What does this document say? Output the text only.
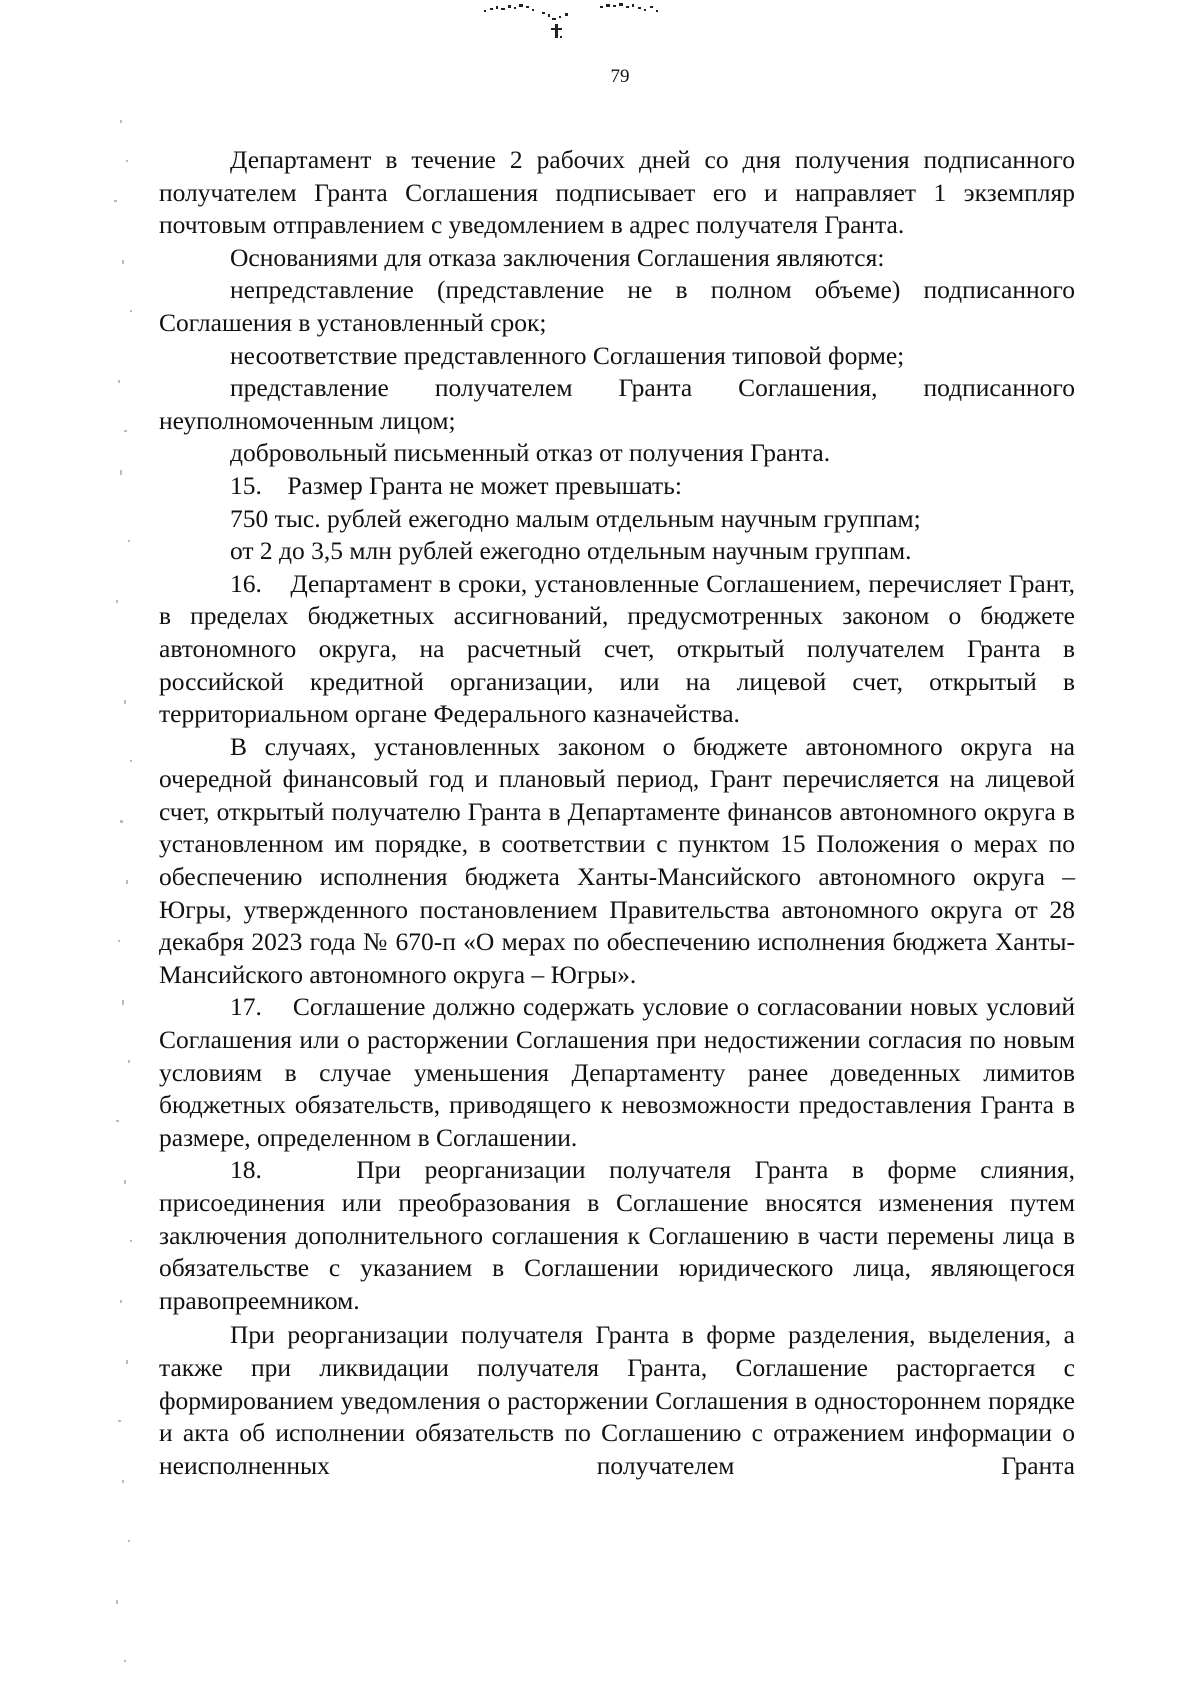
79

Департамент в течение 2 рабочих дней со дня получения подписанного получателем Гранта Соглашения подписывает его и направляет 1 экземпляр почтовым отправлением с уведомлением в адрес получателя Гранта.

Основаниями для отказа заключения Соглашения являются:

непредставление (представление не в полном объеме) подписанного Соглашения в установленный срок;

несоответствие представленного Соглашения типовой форме;

представление получателем Гранта Соглашения, подписанного неуполномоченным лицом;

добровольный письменный отказ от получения Гранта.

15.    Размер Гранта не может превышать:

750 тыс. рублей ежегодно малым отдельным научным группам;

от 2 до 3,5 млн рублей ежегодно отдельным научным группам.

16.    Департамент в сроки, установленные Соглашением, перечисляет Грант, в пределах бюджетных ассигнований, предусмотренных законом о бюджете автономного округа, на расчетный счет, открытый получателем Гранта в российской кредитной организации, или на лицевой счет, открытый в территориальном органе Федерального казначейства.

В случаях, установленных законом о бюджете автономного округа на очередной финансовый год и плановый период, Грант перечисляется на лицевой счет, открытый получателю Гранта в Департаменте финансов автономного округа в установленном им порядке, в соответствии с пунктом 15 Положения о мерах по обеспечению исполнения бюджета Ханты-Мансийского автономного округа – Югры, утвержденного постановлением Правительства автономного округа от 28 декабря 2023 года № 670-п «О мерах по обеспечению исполнения бюджета Ханты-Мансийского автономного округа – Югры».

17.    Соглашение должно содержать условие о согласовании новых условий Соглашения или о расторжении Соглашения при недостижении согласия по новым условиям в случае уменьшения Департаменту ранее доведенных лимитов бюджетных обязательств, приводящего к невозможности предоставления Гранта в размере, определенном в Соглашении.

18.    При реорганизации получателя Гранта в форме слияния, присоединения или преобразования в Соглашение вносятся изменения путем заключения дополнительного соглашения к Соглашению в части перемены лица в обязательстве с указанием в Соглашении юридического лица, являющегося правопреемником.

При реорганизации получателя Гранта в форме разделения, выделения, а также при ликвидации получателя Гранта, Соглашение расторгается с формированием уведомления о расторжении Соглашения в одностороннем порядке и акта об исполнении обязательств по Соглашению с отражением информации о неисполненных получателем Гранта
